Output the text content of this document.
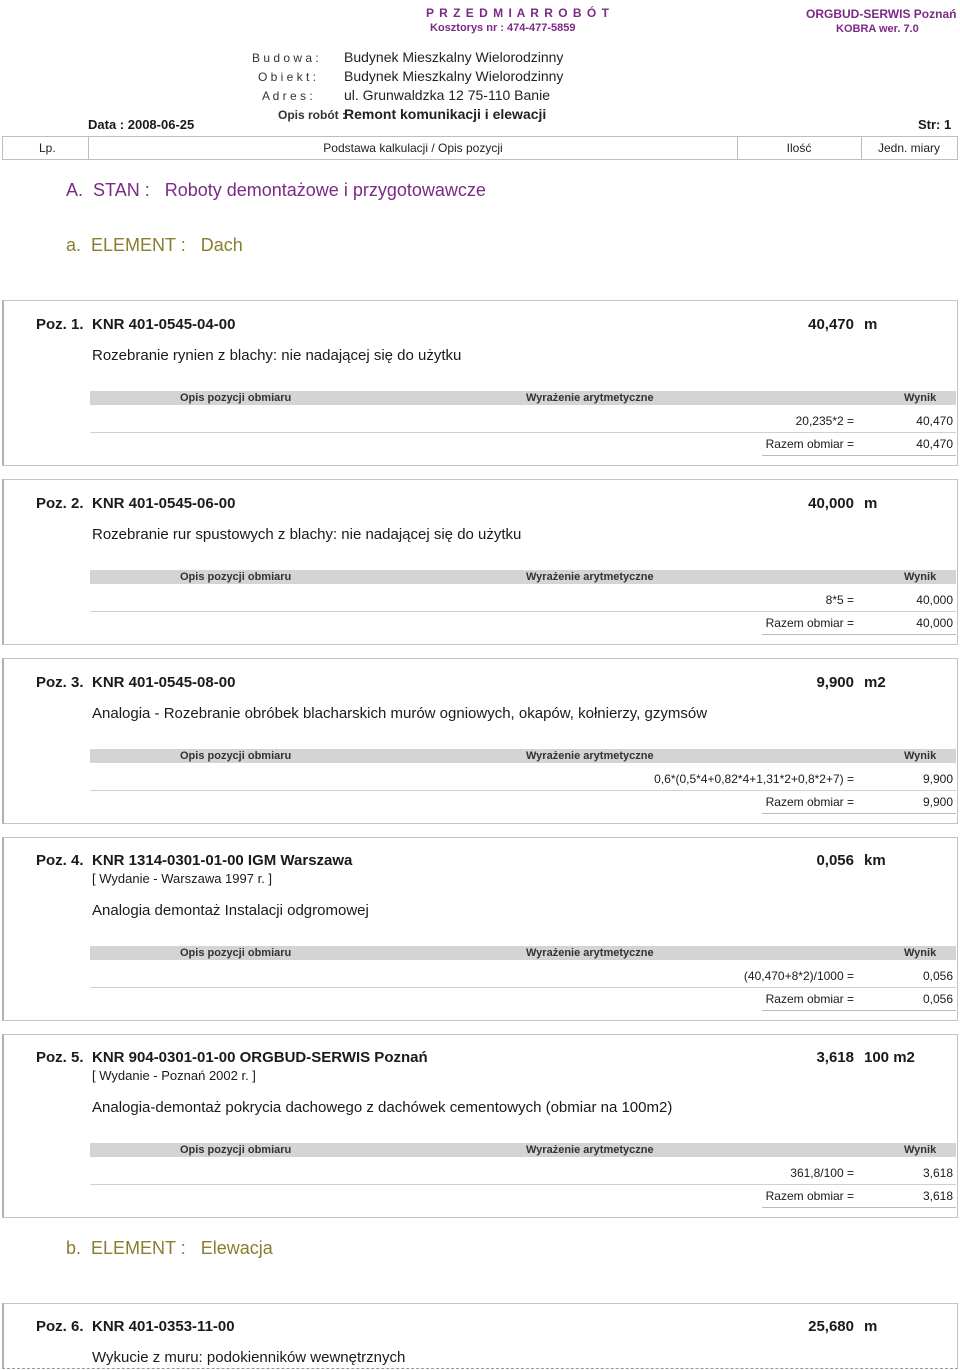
P R Z E D M I A R R O B Ó T
Kosztorys nr : 474-477-5859
ORGBUD-SERWIS Poznań
KOBRA wer. 7.0
B u d o w a : Budynek Mieszkalny Wielorodzinny
O b i e k t : Budynek Mieszkalny Wielorodzinny
A d r e s : ul. Grunwaldzka 12 75-110 Banie
Opis robót :
Remont komunikacji i elewacji
Data : 2008-06-25	Str: 1
Lp.	Podstawa kalkulacji / Opis pozycji	Ilość	Jedn. miary
A. STAN : Roboty demontażowe i przygotowawcze
a. ELEMENT : Dach
Poz. 1. KNR 401-0545-04-00	40,470 m
Rozebranie rynien z blachy: nie nadającej się do użytku
Opis pozycji obmiaru	Wyrażenie arytmetyczne	Wynik
20,235*2 =	40,470
Razem obmiar =	40,470
Poz. 2. KNR 401-0545-06-00	40,000 m
Rozebranie rur spustowych z blachy: nie nadającej się do użytku
Opis pozycji obmiaru	Wyrażenie arytmetyczne	Wynik
8*5 =	40,000
Razem obmiar =	40,000
Poz. 3. KNR 401-0545-08-00	9,900 m2
Analogia - Rozebranie obróbek blacharskich murów ogniowych, okapów, kołnierzy, gzymsów
Opis pozycji obmiaru	Wyrażenie arytmetyczne	Wynik
0,6*(0,5*4+0,82*4+1,31*2+0,8*2+7) =	9,900
Razem obmiar =	9,900
Poz. 4. KNR 1314-0301-01-00 IGM Warszawa	0,056 km
[ Wydanie - Warszawa 1997 r. ]
Analogia demontaż Instalacji odgromowej
Opis pozycji obmiaru	Wyrażenie arytmetyczne	Wynik
(40,470+8*2)/1000 =	0,056
Razem obmiar =	0,056
Poz. 5. KNR 904-0301-01-00 ORGBUD-SERWIS Poznań	3,618 100 m2
[ Wydanie - Poznań 2002 r. ]
Analogia-demontaż pokrycia dachowego z dachówek cementowych (obmiar na 100m2)
Opis pozycji obmiaru	Wyrażenie arytmetyczne	Wynik
361,8/100 =	3,618
Razem obmiar =	3,618
b. ELEMENT : Elewacja
Poz. 6. KNR 401-0353-11-00	25,680 m
Wykucie z muru: podokienników wewnętrznych
